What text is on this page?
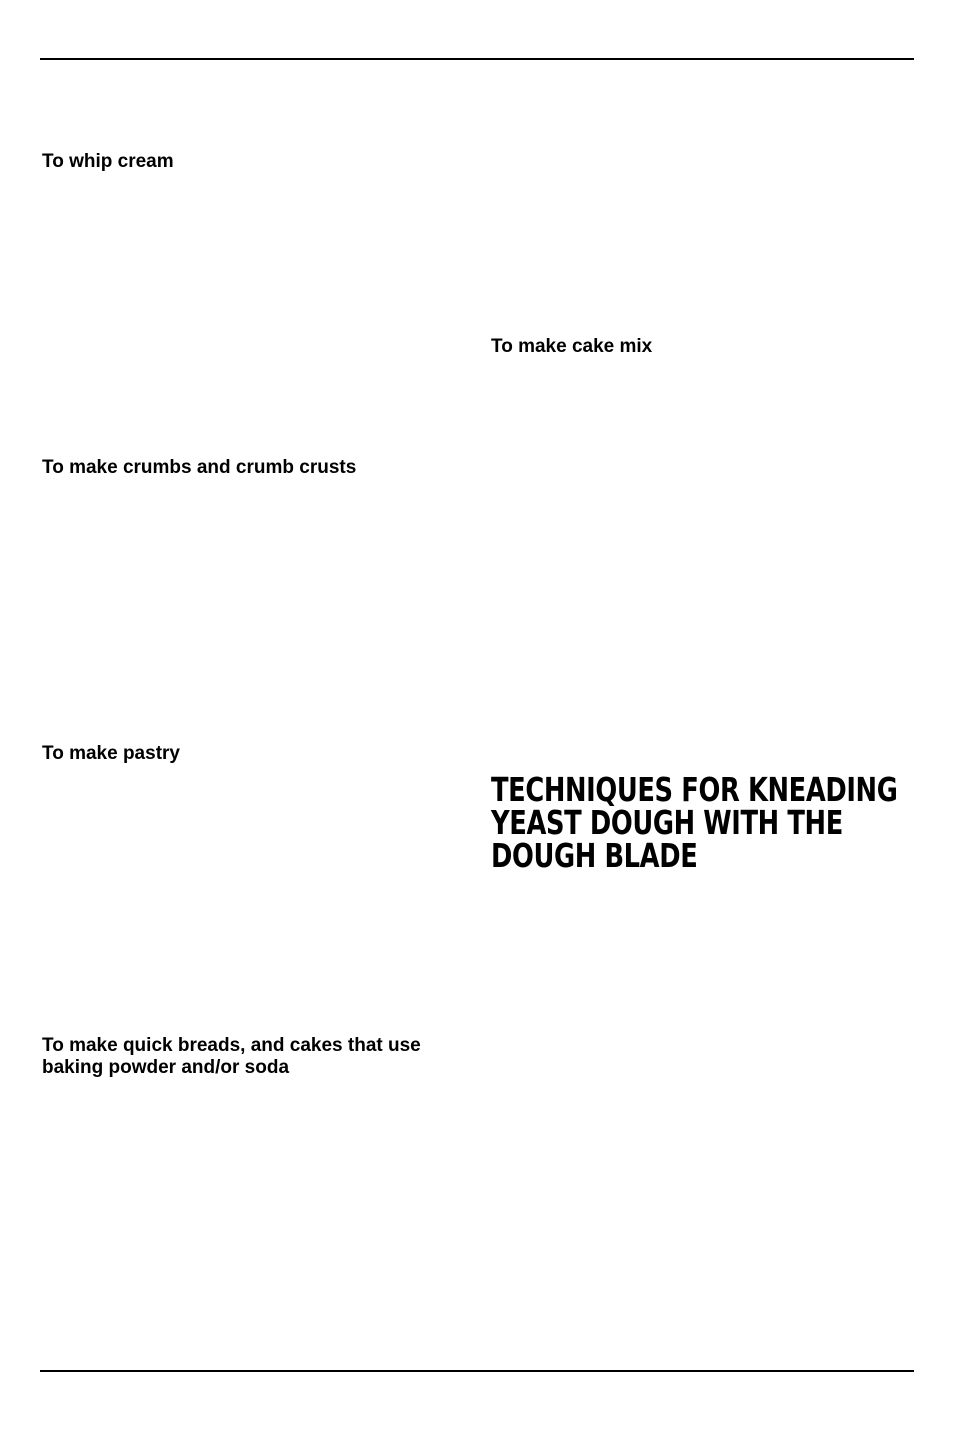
To whip cream
To make cake mix
To make crumbs and crumb crusts
To make pastry
TECHNIQUES FOR KNEADING
YEAST DOUGH WITH THE
DOUGH BLADE
To make quick breads, and cakes that use
baking powder and/or soda
